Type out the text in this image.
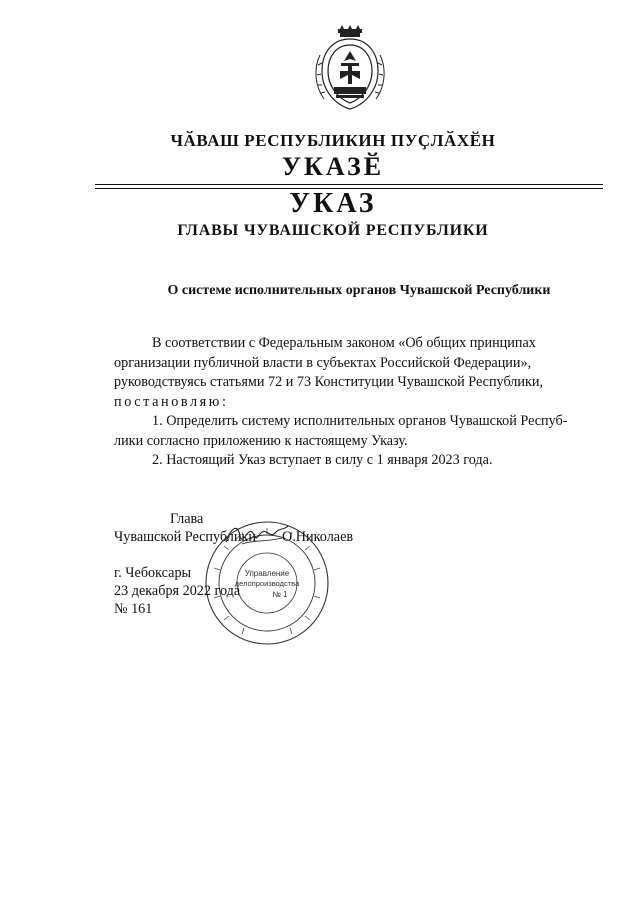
ЧӐВАШ РЕСПУБЛИКИН ПУҪЛӐХӖН
УКАЗӖ
УКАЗ
ГЛАВЫ ЧУВАШСКОЙ РЕСПУБЛИКИ
О системе исполнительных органов Чувашской Республики

В соответствии с Федеральным законом «Об общих принципах

организации публичной власти в субъектах Российской Федерации»,

руководствуясь статьями 72 и 73 Конституции Чувашской Республики,

постановляю:

1. Определить систему исполнительных органов Чувашской Респуб-

лики согласно приложению к настоящему Указу.

2. Настоящий Указ вступает в силу с 1 января 2023 года.

Управление
делопроизводства
№ 1
Глава
Чувашской Республики О.Николаев
г. Чебоксары
23 декабря 2022 года
№ 161
